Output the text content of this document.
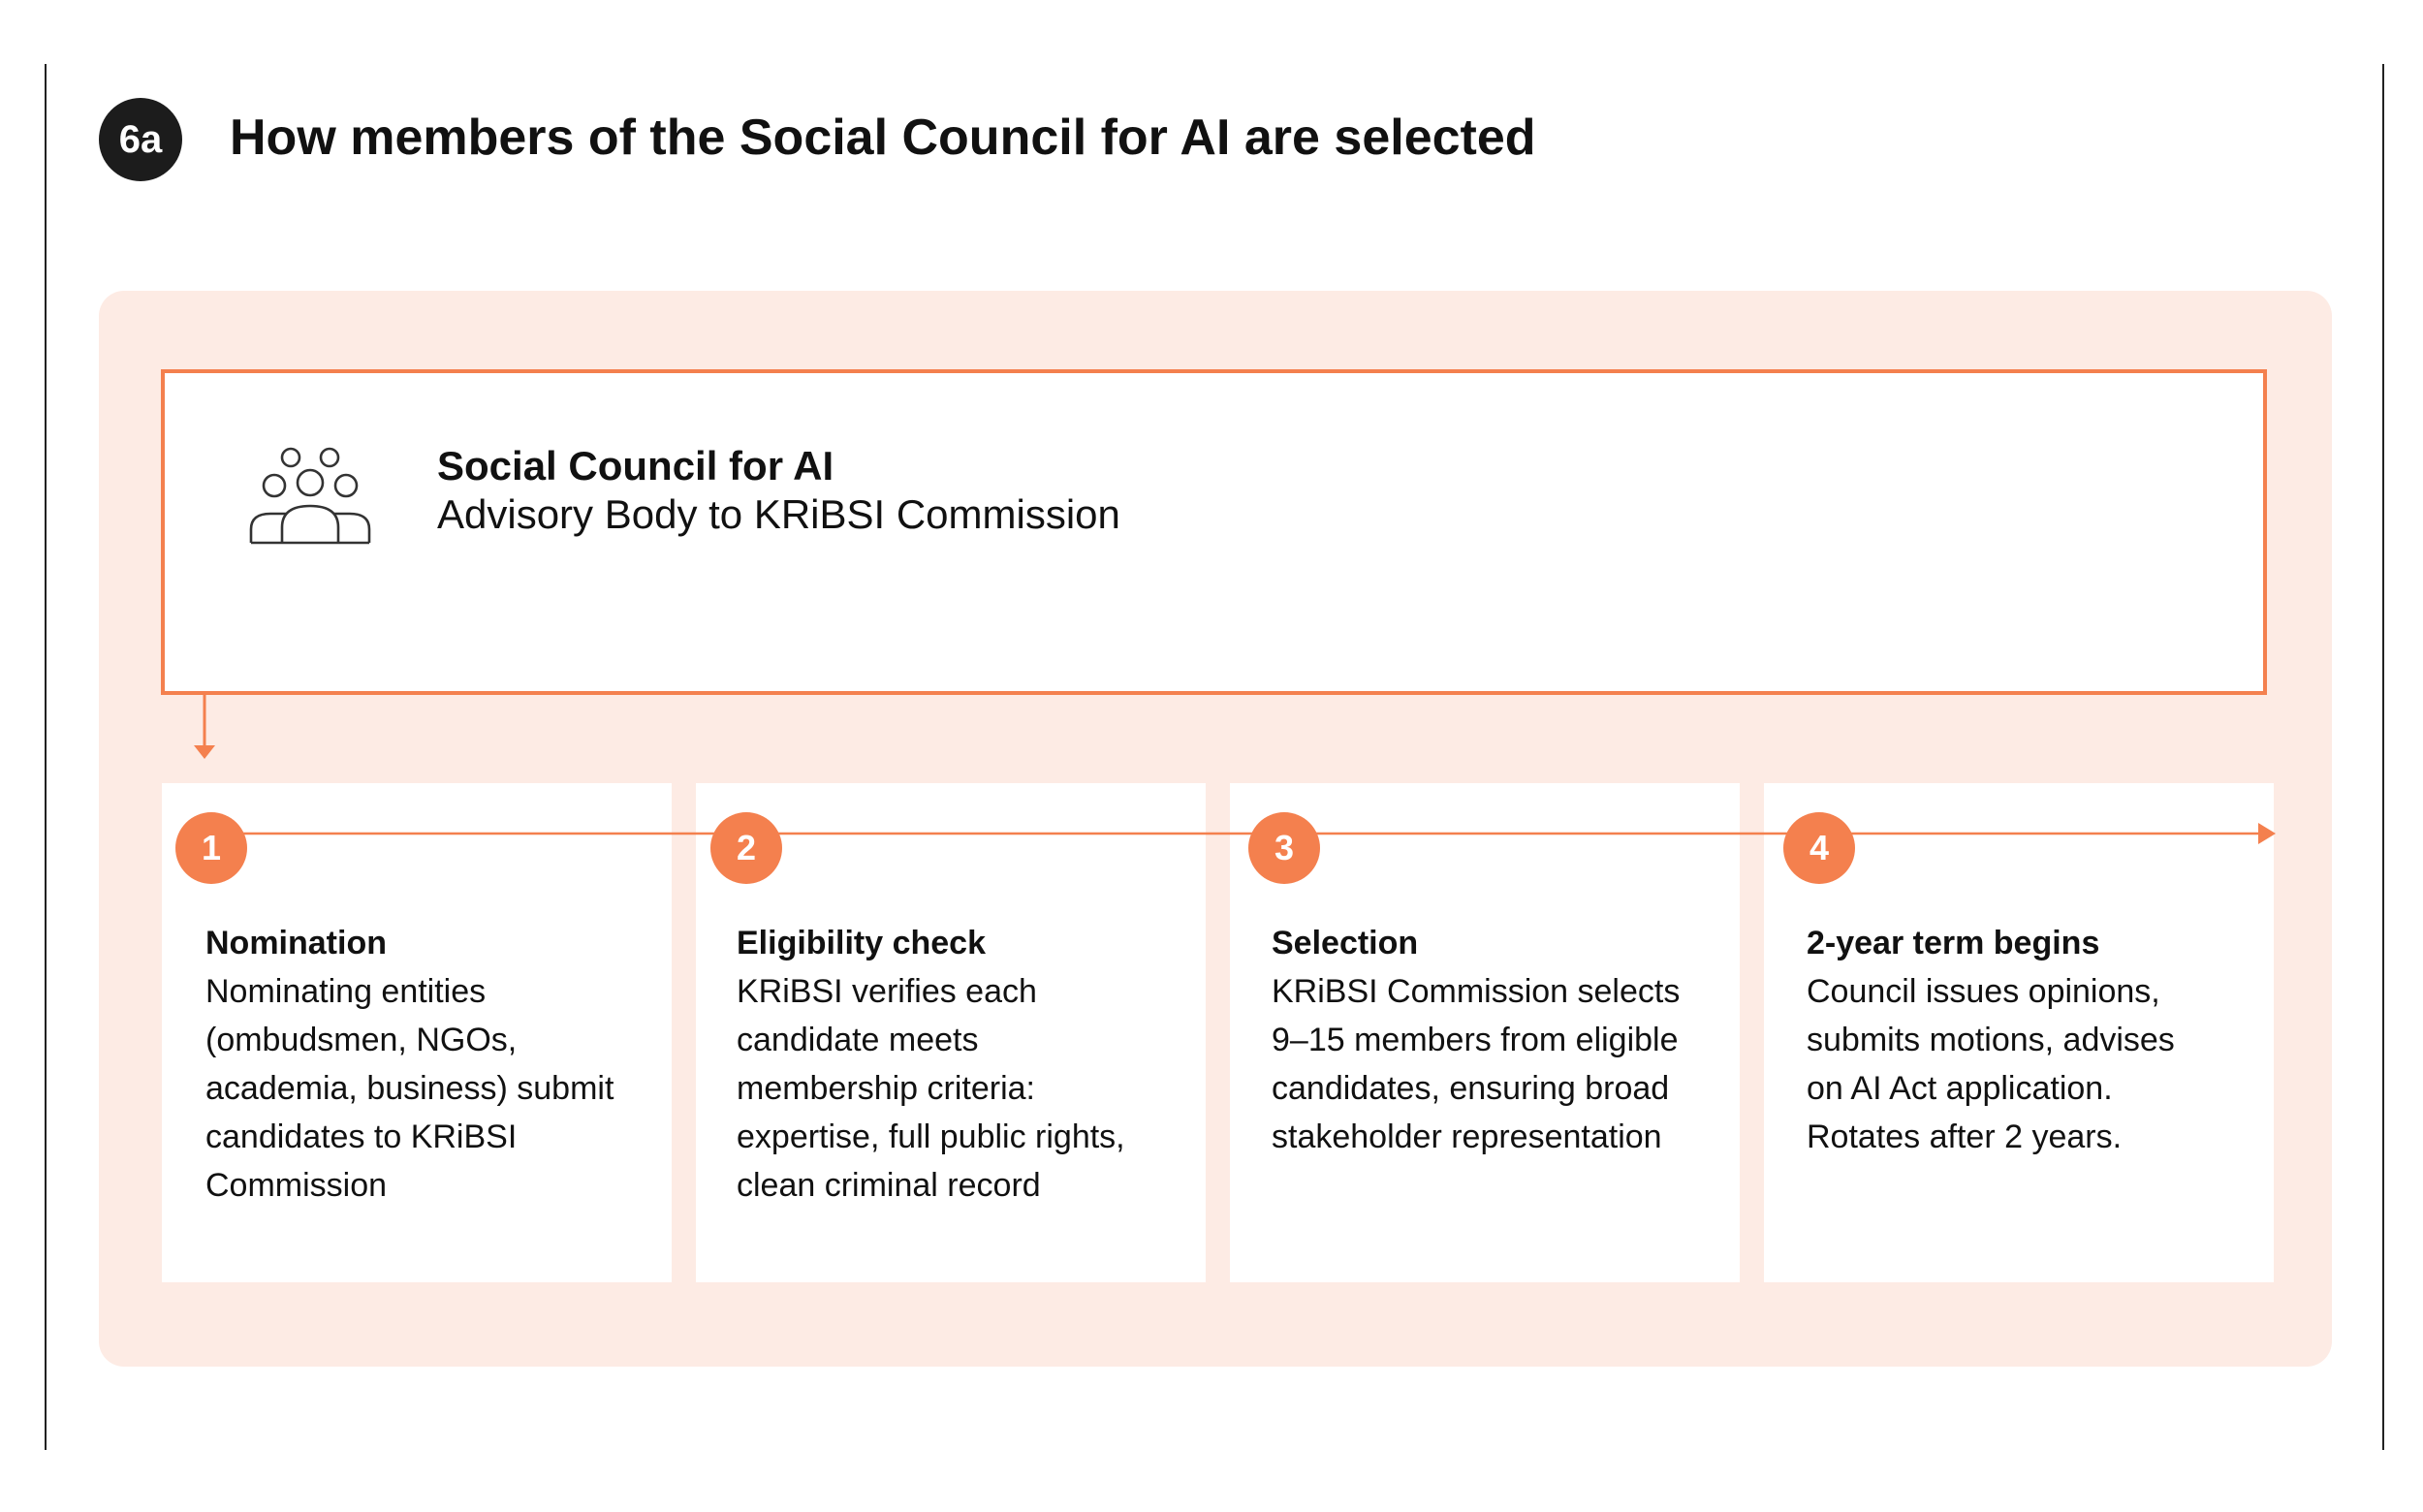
6a	How members of the Social Council for AI are selected
Social Council for AI
Advisory Body to KRiBSI Commission
1	2	3	4
Nomination
Nominating entities
(ombudsmen, NGOs,
academia, business) submit
candidates to KRiBSI
Commission
Eligibility check
KRiBSI verifies each
candidate meets
membership criteria:
expertise, full public rights,
clean criminal record
Selection
KRiBSI Commission selects
9–15 members from eligible
candidates, ensuring broad
stakeholder representation
2-year term begins
Council issues opinions,
submits motions, advises
on AI Act application.
Rotates after 2 years.
